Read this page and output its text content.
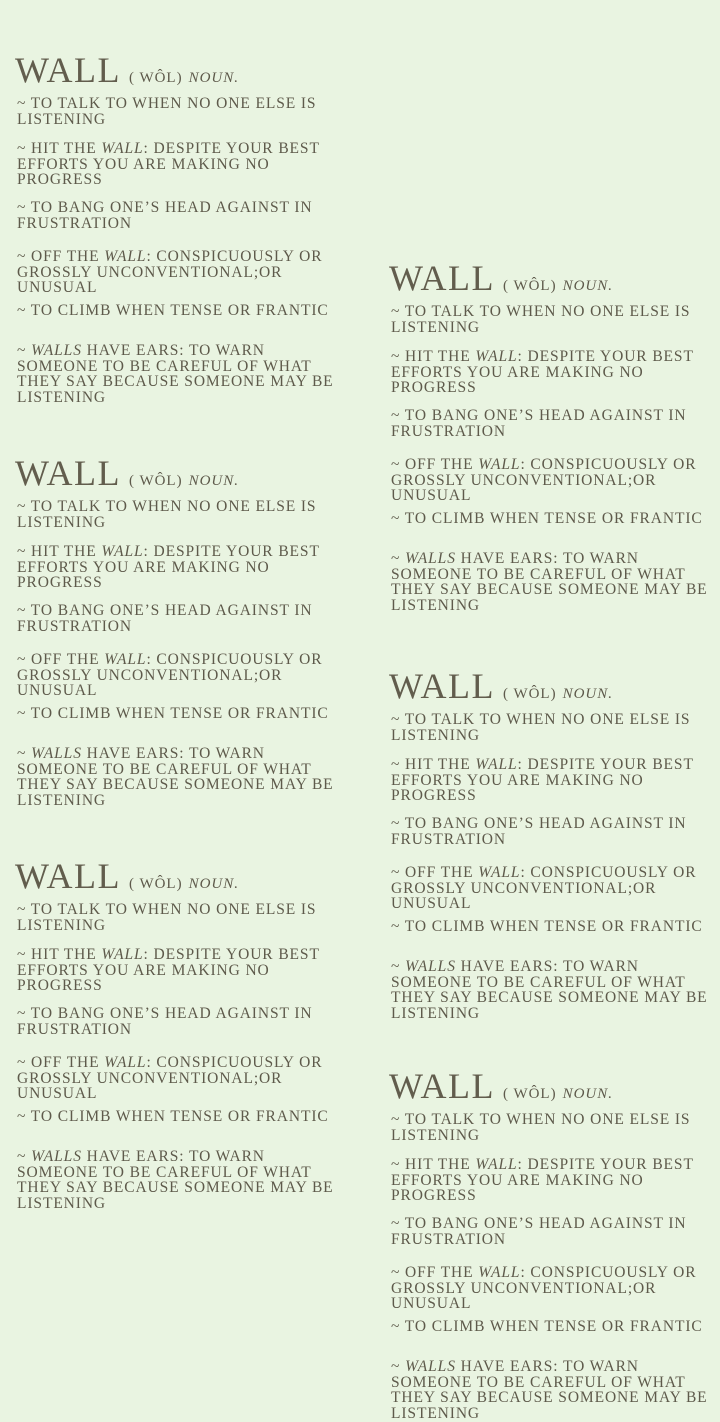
WALL ( WÔL) NOUN.

~ TO TALK TO WHEN NO ONE ELSE IS LISTENING

~ HIT THE WALL: DESPITE YOUR BEST EFFORTS YOU ARE MAKING NO PROGRESS

~ TO BANG ONE’S HEAD AGAINST IN FRUSTRATION

~ OFF THE WALL: CONSPICUOUSLY OR GROSSLY UNCONVENTIONAL;OR UNUSUAL

~ TO CLIMB WHEN TENSE OR FRANTIC

~ WALLS HAVE EARS: TO WARN SOMEONE TO BE CAREFUL OF WHAT THEY SAY BECAUSE SOMEONE MAY BE LISTENING

WALL ( WÔL) NOUN.

~ TO TALK TO WHEN NO ONE ELSE IS LISTENING

~ HIT THE WALL: DESPITE YOUR BEST EFFORTS YOU ARE MAKING NO PROGRESS

~ TO BANG ONE’S HEAD AGAINST IN FRUSTRATION

~ OFF THE WALL: CONSPICUOUSLY OR GROSSLY UNCONVENTIONAL;OR UNUSUAL

~ TO CLIMB WHEN TENSE OR FRANTIC

~ WALLS HAVE EARS: TO WARN SOMEONE TO BE CAREFUL OF WHAT THEY SAY BECAUSE SOMEONE MAY BE LISTENING

WALL ( WÔL) NOUN.

~ TO TALK TO WHEN NO ONE ELSE IS LISTENING

~ HIT THE WALL: DESPITE YOUR BEST EFFORTS YOU ARE MAKING NO PROGRESS

~ TO BANG ONE’S HEAD AGAINST IN FRUSTRATION

~ OFF THE WALL: CONSPICUOUSLY OR GROSSLY UNCONVENTIONAL;OR UNUSUAL

~ TO CLIMB WHEN TENSE OR FRANTIC

~ WALLS HAVE EARS: TO WARN SOMEONE TO BE CAREFUL OF WHAT THEY SAY BECAUSE SOMEONE MAY BE LISTENING

WALL ( WÔL) NOUN.

~ TO TALK TO WHEN NO ONE ELSE IS LISTENING

~ HIT THE WALL: DESPITE YOUR BEST EFFORTS YOU ARE MAKING NO PROGRESS

~ TO BANG ONE’S HEAD AGAINST IN FRUSTRATION

~ OFF THE WALL: CONSPICUOUSLY OR GROSSLY UNCONVENTIONAL;OR UNUSUAL

~ TO CLIMB WHEN TENSE OR FRANTIC

~ WALLS HAVE EARS: TO WARN SOMEONE TO BE CAREFUL OF WHAT THEY SAY BECAUSE SOMEONE MAY BE LISTENING

WALL ( WÔL) NOUN.

~ TO TALK TO WHEN NO ONE ELSE IS LISTENING

~ HIT THE WALL: DESPITE YOUR BEST EFFORTS YOU ARE MAKING NO PROGRESS

~ TO BANG ONE’S HEAD AGAINST IN FRUSTRATION

~ OFF THE WALL: CONSPICUOUSLY OR GROSSLY UNCONVENTIONAL;OR UNUSUAL

~ TO CLIMB WHEN TENSE OR FRANTIC

~ WALLS HAVE EARS: TO WARN SOMEONE TO BE CAREFUL OF WHAT THEY SAY BECAUSE SOMEONE MAY BE LISTENING

WALL ( WÔL) NOUN.

~ TO TALK TO WHEN NO ONE ELSE IS LISTENING

~ HIT THE WALL: DESPITE YOUR BEST EFFORTS YOU ARE MAKING NO PROGRESS

~ TO BANG ONE’S HEAD AGAINST IN FRUSTRATION

~ OFF THE WALL: CONSPICUOUSLY OR GROSSLY UNCONVENTIONAL;OR UNUSUAL

~ TO CLIMB WHEN TENSE OR FRANTIC

~ WALLS HAVE EARS: TO WARN SOMEONE TO BE CAREFUL OF WHAT THEY SAY BECAUSE SOMEONE MAY BE LISTENING
